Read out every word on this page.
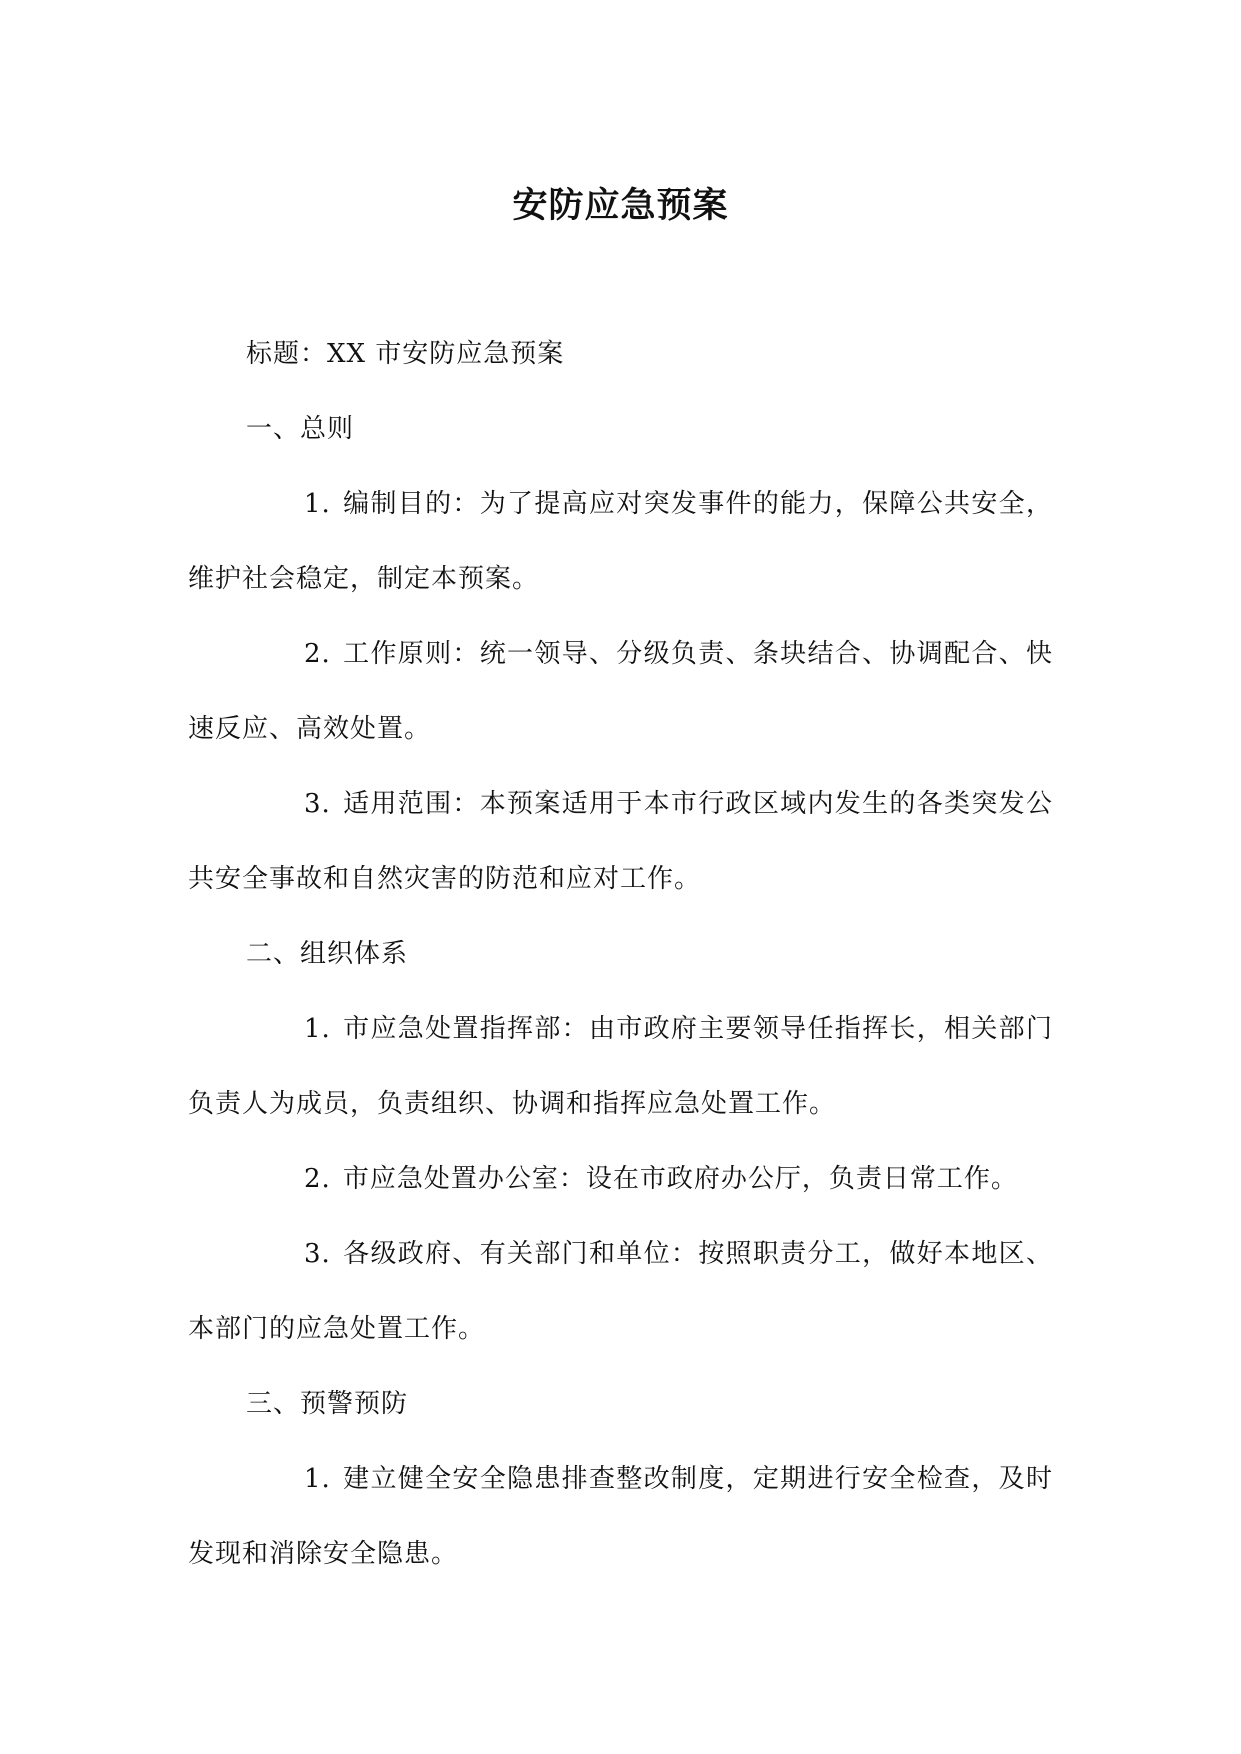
安防应急预案

标题：XX 市安防应急预案

一、总则

1. 编制目的：为了提高应对突发事件的能力，保障公共安全，维护社会稳定，制定本预案。

2. 工作原则：统一领导、分级负责、条块结合、协调配合、快速反应、高效处置。

3. 适用范围：本预案适用于本市行政区域内发生的各类突发公共安全事故和自然灾害的防范和应对工作。

二、组织体系

1. 市应急处置指挥部：由市政府主要领导任指挥长，相关部门负责人为成员，负责组织、协调和指挥应急处置工作。

2. 市应急处置办公室：设在市政府办公厅，负责日常工作。

3. 各级政府、有关部门和单位：按照职责分工，做好本地区、本部门的应急处置工作。

三、预警预防

1. 建立健全安全隐患排查整改制度，定期进行安全检查，及时发现和消除安全隐患。
